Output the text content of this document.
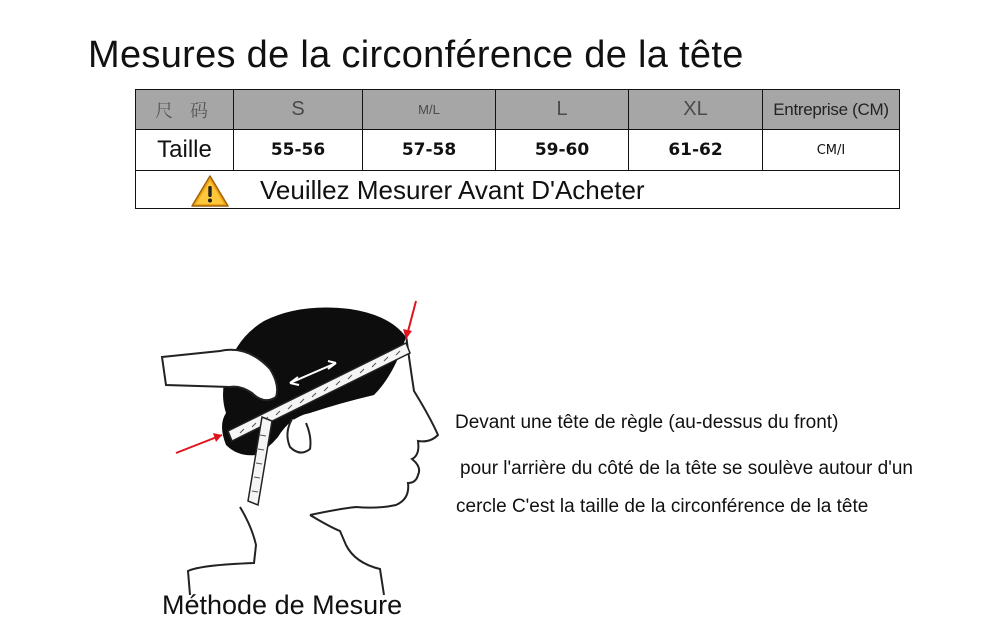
Mesures de la circonférence de la tête
尺 码	S	M/L	L	XL	Entreprise (CM)
Taille	55-56	57-58	59-60	61-62	CM/I

Veuillez Mesurer Avant D'Acheter					
Devant une tête de règle (au-dessus du front)
pour l'arrière du côté de la tête se soulève autour d'un
cercle C'est la taille de la circonférence de la tête
Méthode de Mesure
